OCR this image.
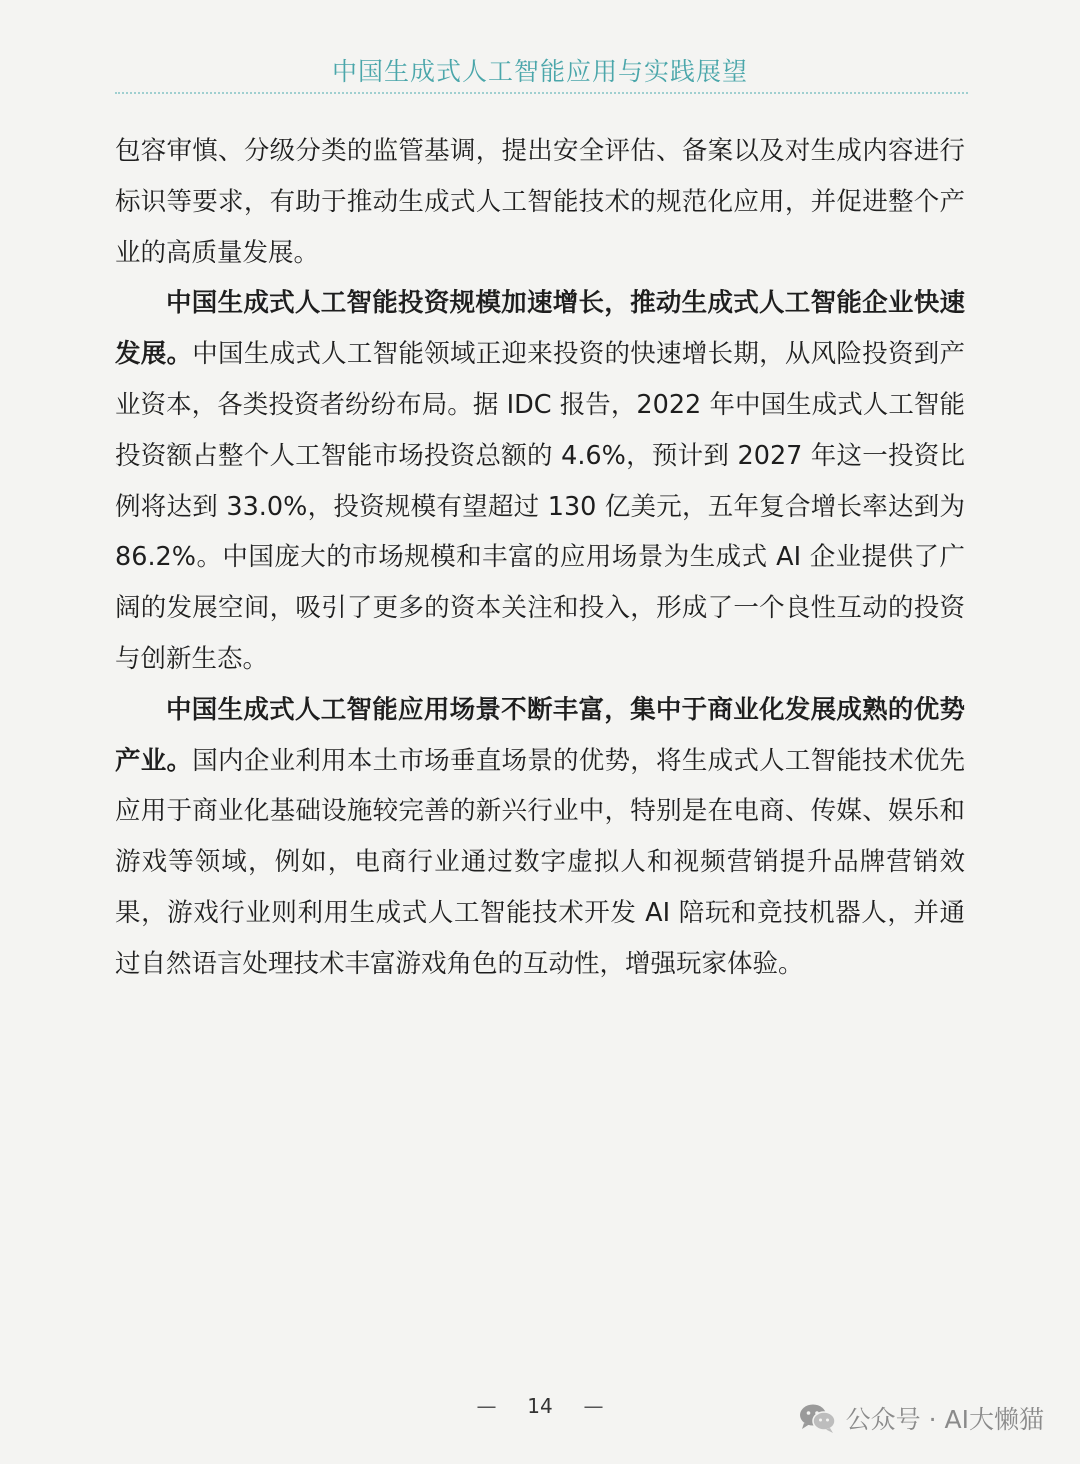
中国生成式人工智能应用与实践展望

包容审慎、分级分类的监管基调，提出安全评估、备案以及对生成内容进行标识等要求，有助于推动生成式人工智能技术的规范化应用，并促进整个产业的高质量发展。

中国生成式人工智能投资规模加速增长，推动生成式人工智能企业快速发展。中国生成式人工智能领域正迎来投资的快速增长期，从风险投资到产业资本，各类投资者纷纷布局。据 IDC 报告，2022 年中国生成式人工智能投资额占整个人工智能市场投资总额的 4.6%，预计到 2027 年这一投资比例将达到 33.0%，投资规模有望超过 130 亿美元，五年复合增长率达到为 86.2%。中国庞大的市场规模和丰富的应用场景为生成式 AI 企业提供了广阔的发展空间，吸引了更多的资本关注和投入，形成了一个良性互动的投资与创新生态。

中国生成式人工智能应用场景不断丰富，集中于商业化发展成熟的优势产业。国内企业利用本土市场垂直场景的优势，将生成式人工智能技术优先应用于商业化基础设施较完善的新兴行业中，特别是在电商、传媒、娱乐和游戏等领域，例如，电商行业通过数字虚拟人和视频营销提升品牌营销效果，游戏行业则利用生成式人工智能技术开发 AI 陪玩和竞技机器人，并通过自然语言处理技术丰富游戏角色的互动性，增强玩家体验。

— 14 —	公众号 · AI大懒猫
